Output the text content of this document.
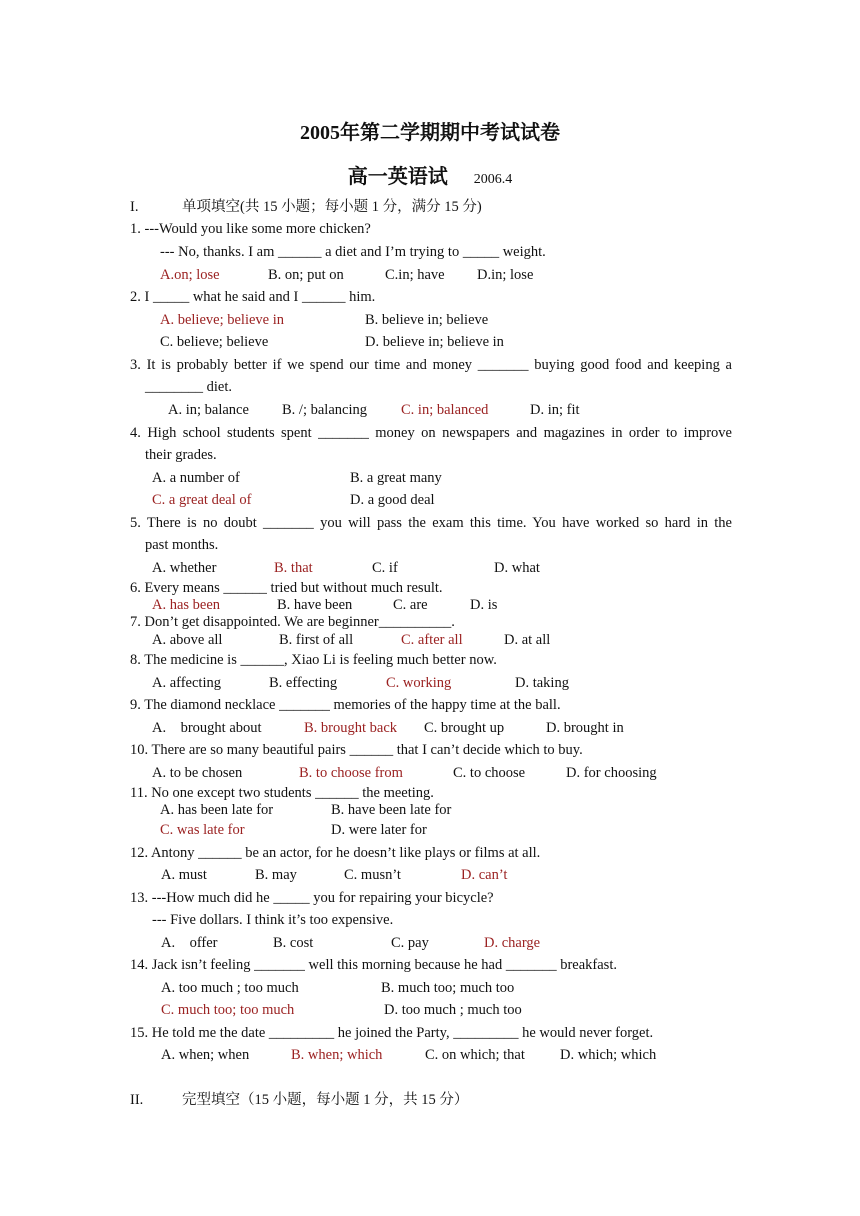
2005年第二学期期中考试试卷
高一英语试 2006.4
I.	单项填空(共 15 小题；每小题 1 分，满分 15 分)
1. ---Would you like some more chicken?
--- No, thanks. I am ______ a diet and I’m trying to _____ weight.
A.on; lose	B. on; put on	C.in; have D.in; lose
2. I _____ what he said and I ______ him.
A. believe; believe in	B. believe in; believe
C. believe; believe	D. believe in; believe in
3. It is probably better if we spend our time and money _______ buying good food and keeping a
________ diet.
A. in; balance B. /; balancing C. in; balanced	D. in; fit
4. High school students spent _______ money on newspapers and magazines in order to improve
their grades.
A. a number of	B. a great many
C. a great deal of	D. a good deal
5. There is no doubt _______ you will pass the exam this time. You have worked so hard in the
past months.
A. whether	B. that	C. if	D. what
6. Every means ______ tried but without much result.
A. has been	B. have been	C. are	D. is
7. Don’t get disappointed. We are beginner__________.
A. above all	B. first of all	C. after all	D. at all
8. The medicine is ______, Xiao Li is feeling much better now.
A. affecting	B. effecting	C. working	D. taking
9. The diamond necklace _______ memories of the happy time at the ball.
A.    brought about	B. brought back C. brought up	D. brought in
10. There are so many beautiful pairs ______ that I can’t decide which to buy.
A. to be chosen	B. to choose from	C. to choose	D. for choosing
11. No one except two students ______ the meeting.
A. has been late for	B. have been late for
C. was late for	D. were later for
12. Antony ______ be an actor, for he doesn’t like plays or films at all.
A. must	B. may	C. musn’t	D. can’t
13. ---How much did he _____ you for repairing your bicycle?
--- Five dollars. I think it’s too expensive.
A.    offer	B. cost	C. pay	D. charge
14. Jack isn’t feeling _______ well this morning because he had _______ breakfast.
A. too much ; too much	B. much too; much too
C. much too; too much	D. too much ; much too
15. He told me the date _________ he joined the Party, _________ he would never forget.
A. when; when	B. when; which	C. on which; that D. which; which
II.	完型填空（15 小题，每小题 1 分，共 15 分）
